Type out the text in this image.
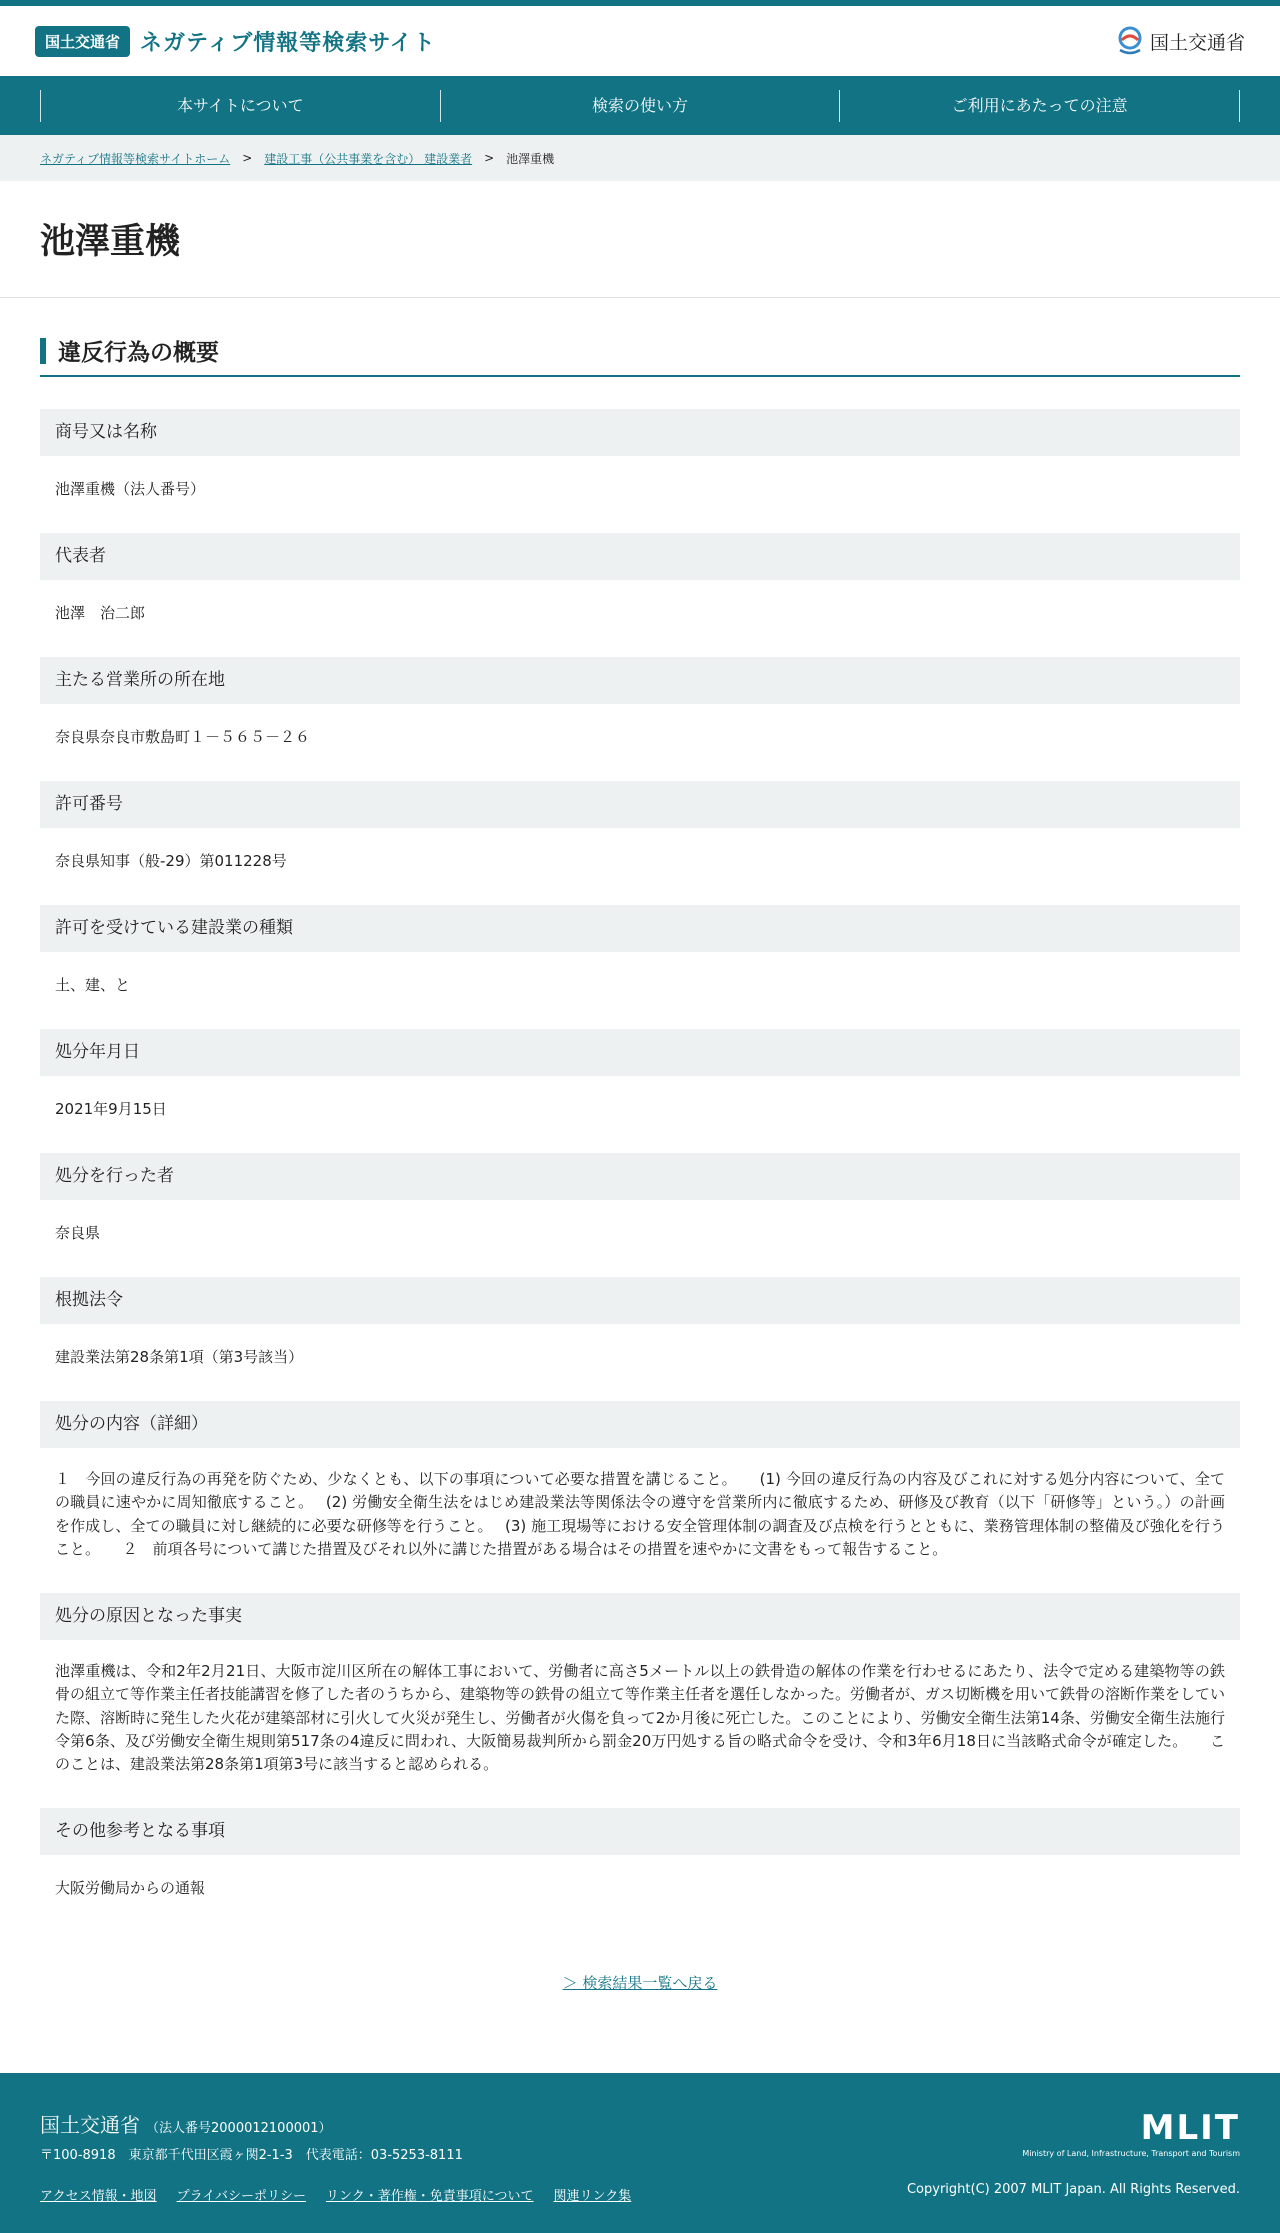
国土交通省 ネガティブ情報等検索サイト	国土交通省
本サイトについて	検索の使い方	ご利用にあたっての注意
ネガティブ情報等検索サイトホーム > 建設工事（公共事業を含む） 建設業者 > 池澤重機
池澤重機
違反行為の概要
商号又は名称
池澤重機（法人番号）
代表者
池澤　治二郎
主たる営業所の所在地
奈良県奈良市敷島町１－５６５－２６
許可番号
奈良県知事（般-29）第011228号
許可を受けている建設業の種類
土、建、と
処分年月日
2021年9月15日
処分を行った者
奈良県
根拠法令
建設業法第28条第1項（第3号該当）
処分の内容（詳細）
１　今回の違反行為の再発を防ぐため、少なくとも、以下の事項について必要な措置を講じること。　　(1) 今回の違反行為の内容及びこれに対する処分内容について、全ての職員に速やかに周知徹底すること。　 (2) 労働安全衛生法をはじめ建設業法等関係法令の遵守を営業所内に徹底するため、研修及び教育（以下「研修等」という。）の計画を作成し、全ての職員に対し継続的に必要な研修等を行うこと。　 (3) 施工現場等における安全管理体制の調査及び点検を行うとともに、業務管理体制の整備及び強化を行うこと。　　２　前項各号について講じた措置及びそれ以外に講じた措置がある場合はその措置を速やかに文書をもって報告すること。
処分の原因となった事実
池澤重機は、令和2年2月21日、大阪市淀川区所在の解体工事において、労働者に高さ5メートル以上の鉄骨造の解体の作業を行わせるにあたり、法令で定める建築物等の鉄骨の組立て等作業主任者技能講習を修了した者のうちから、建築物等の鉄骨の組立て等作業主任者を選任しなかった。労働者が、ガス切断機を用いて鉄骨の溶断作業をしていた際、溶断時に発生した火花が建築部材に引火して火災が発生し、労働者が火傷を負って2か月後に死亡した。このことにより、労働安全衛生法第14条、労働安全衛生法施行令第6条、及び労働安全衛生規則第517条の4違反に問われ、大阪簡易裁判所から罰金20万円処する旨の略式命令を受け、令和3年6月18日に当該略式命令が確定した。　　このことは、建設業法第28条第1項第3号に該当すると認められる。
その他参考となる事項
大阪労働局からの通報
＞ 検索結果一覧へ戻る
国土交通省 （法人番号2000012100001）
〒100-8918　東京都千代田区霞ヶ関2-1-3　代表電話：03-5253-8111
アクセス情報・地図 プライバシーポリシー リンク・著作権・免責事項について 関連リンク集
MLIT
Ministry of Land, Infrastructure, Transport and Tourism
Copyright(C) 2007 MLIT Japan. All Rights Reserved.
